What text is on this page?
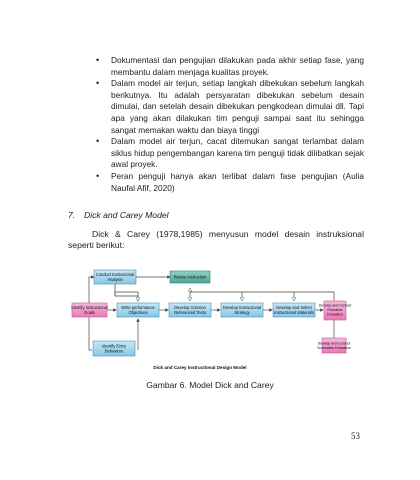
• Dokumentasi dan pengujian dilakukan pada akhir setiap fase, yang membantu dalam menjaga kualitas proyek.
• Dalam model air terjun, setiap langkah dibekukan sebelum langkah berikutnya. Itu adalah persyaratan dibekukan sebelum desain dimulai, dan setelah desain dibekukan pengkodean dimulai dll. Tapi apa yang akan dilakukan tim penguji sampai saat itu sehingga sangat memakan waktu dan biaya tinggi
• Dalam model air terjun, cacat ditemukan sangat terlambat dalam siklus hidup pengembangan karena tim penguji tidak dilibatkan sejak awal proyek.
• Peran penguji hanya akan terlibat dalam fase pengujian (Aulia Naufal Afif, 2020)
7. Dick and Carey Model

Dick & Carey (1978,1985) menyusun model desain instruksional seperti berikut:

Conduct Instructional
Analysis	Revise Instruction
Identify Instructional
Goals
Write performance
Objectives
Develop Criterion
Referenced Tests
Develop Instructional
Strategy
Develop and Select
Instructional Materials
Develop and Conduct
Formative
Evaluation
Identify Entry
Behaviors
Develop and Conduct
Summative Evaluation
Dick and Carey Instructional Design Model
Gambar 6. Model Dick and Carey
53
